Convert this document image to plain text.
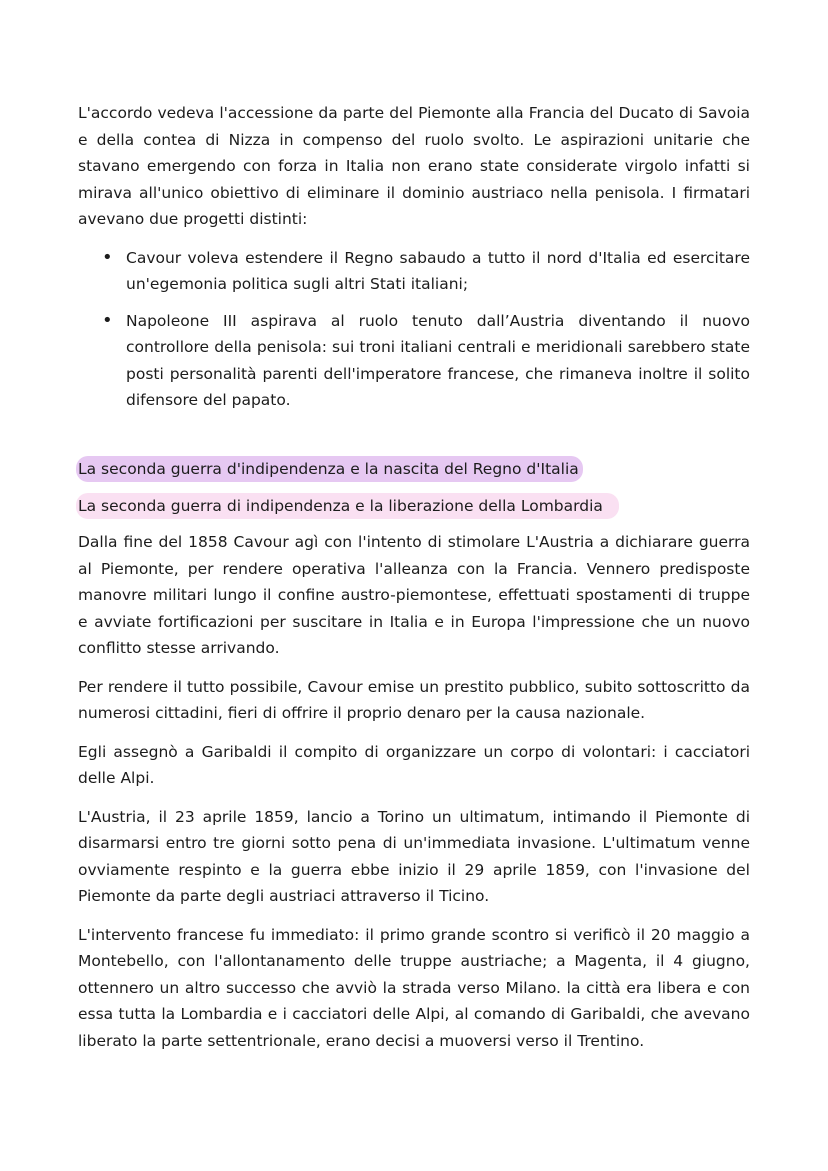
L'accordo vedeva l'accessione da parte del Piemonte alla Francia del Ducato di Savoia e della contea di Nizza in compenso del ruolo svolto. Le aspirazioni unitarie che stavano emergendo con forza in Italia non erano state considerate virgolo infatti si mirava all'unico obiettivo di eliminare il dominio austriaco nella penisola. I firmatari avevano due progetti distinti:

• Cavour voleva estendere il Regno sabaudo a tutto il nord d'Italia ed esercitare un'egemonia politica sugli altri Stati italiani;
• Napoleone III aspirava al ruolo tenuto dall’Austria diventando il nuovo controllore della penisola: sui troni italiani centrali e meridionali sarebbero state posti personalità parenti dell'imperatore francese, che rimaneva inoltre il solito difensore del papato.
La seconda guerra d'indipendenza e la nascita del Regno d'Italia
La seconda guerra di indipendenza e la liberazione della Lombardia

Dalla fine del 1858 Cavour agì con l'intento di stimolare L'Austria a dichiarare guerra al Piemonte, per rendere operativa l'alleanza con la Francia. Vennero predisposte manovre militari lungo il confine austro-piemontese, effettuati spostamenti di truppe e avviate fortificazioni per suscitare in Italia e in Europa l'impressione che un nuovo conflitto stesse arrivando.

Per rendere il tutto possibile, Cavour emise un prestito pubblico, subito sottoscritto da numerosi cittadini, fieri di offrire il proprio denaro per la causa nazionale.

Egli assegnò a Garibaldi il compito di organizzare un corpo di volontari: i cacciatori delle Alpi.

L'Austria, il 23 aprile 1859, lancio a Torino un ultimatum, intimando il Piemonte di disarmarsi entro tre giorni sotto pena di un'immediata invasione. L'ultimatum venne ovviamente respinto e la guerra ebbe inizio il 29 aprile 1859, con l'invasione del Piemonte da parte degli austriaci attraverso il Ticino.

L'intervento francese fu immediato: il primo grande scontro si verificò il 20 maggio a Montebello, con l'allontanamento delle truppe austriache; a Magenta, il 4 giugno, ottennero un altro successo che avviò la strada verso Milano. la città era libera e con essa tutta la Lombardia e i cacciatori delle Alpi, al comando di Garibaldi, che avevano liberato la parte settentrionale, erano decisi a muoversi verso il Trentino.
